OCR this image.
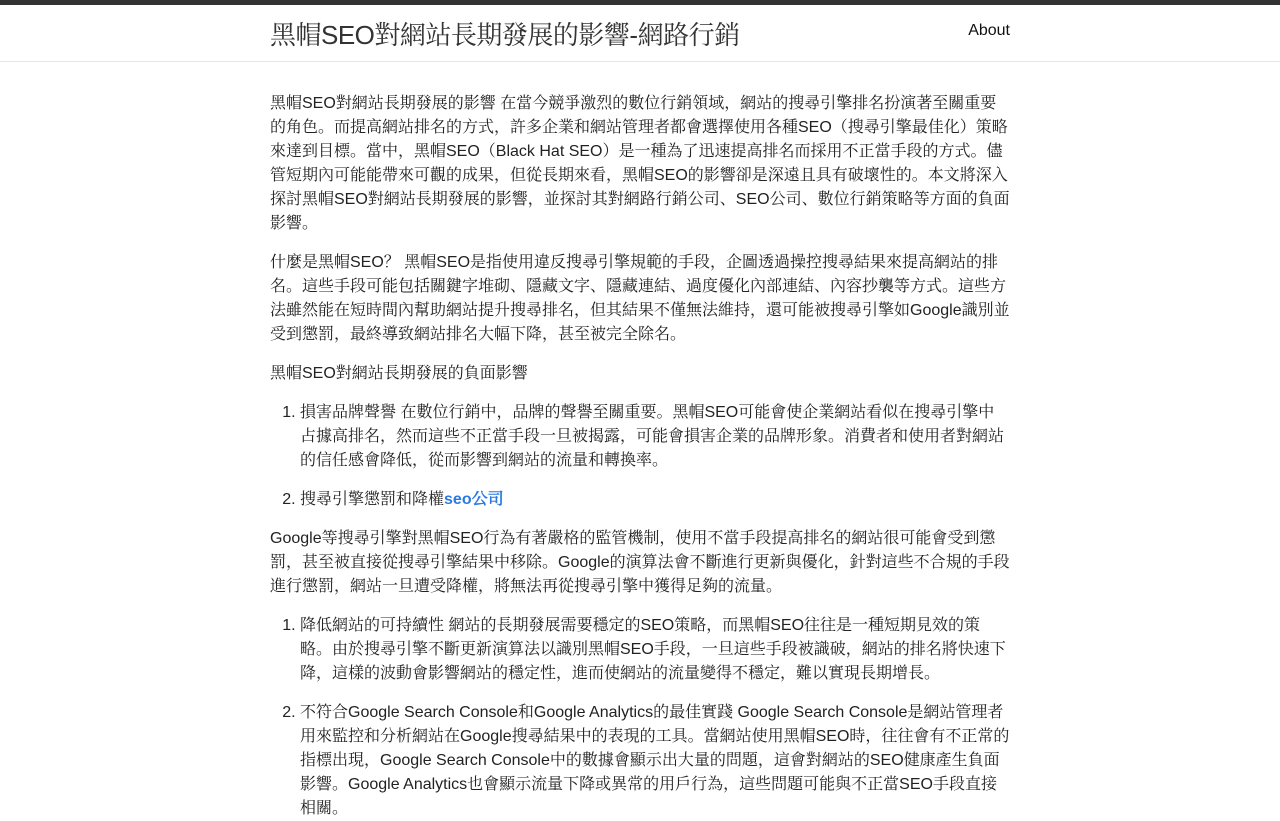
黑帽SEO對網站長期發展的影響-網路行銷	About

黑帽SEO對網站長期發展的影響 在當今競爭激烈的數位行銷領域，網站的搜尋引擎排名扮演著至關重要的角色。而提高網站排名的方式，許多企業和網站管理者都會選擇使用各種SEO（搜尋引擎最佳化）策略來達到目標。當中，黑帽SEO（Black Hat SEO）是一種為了迅速提高排名而採用不正當手段的方式。儘管短期內可能能帶來可觀的成果，但從長期來看，黑帽SEO的影響卻是深遠且具有破壞性的。本文將深入探討黑帽SEO對網站長期發展的影響，並探討其對網路行銷公司、SEO公司、數位行銷策略等方面的負面影響。

什麼是黑帽SEO？ 黑帽SEO是指使用違反搜尋引擎規範的手段，企圖透過操控搜尋結果來提高網站的排名。這些手段可能包括關鍵字堆砌、隱藏文字、隱藏連結、過度優化內部連結、內容抄襲等方式。這些方法雖然能在短時間內幫助網站提升搜尋排名，但其結果不僅無法維持，還可能被搜尋引擎如Google識別並受到懲罰，最終導致網站排名大幅下降，甚至被完全除名。

黑帽SEO對網站長期發展的負面影響

1. 損害品牌聲譽 在數位行銷中，品牌的聲譽至關重要。黑帽SEO可能會使企業網站看似在搜尋引擎中占據高排名，然而這些不正當手段一旦被揭露，可能會損害企業的品牌形象。消費者和使用者對網站的信任感會降低，從而影響到網站的流量和轉換率。

2. 搜尋引擎懲罰和降權seo公司

Google等搜尋引擎對黑帽SEO行為有著嚴格的監管機制，使用不當手段提高排名的網站很可能會受到懲罰，甚至被直接從搜尋引擎結果中移除。Google的演算法會不斷進行更新與優化，針對這些不合規的手段進行懲罰，網站一旦遭受降權，將無法再從搜尋引擎中獲得足夠的流量。

1. 降低網站的可持續性 網站的長期發展需要穩定的SEO策略，而黑帽SEO往往是一種短期見效的策略。由於搜尋引擎不斷更新演算法以識別黑帽SEO手段，一旦這些手段被識破，網站的排名將快速下降，這樣的波動會影響網站的穩定性，進而使網站的流量變得不穩定，難以實現長期增長。

2. 不符合Google Search Console和Google Analytics的最佳實踐 Google Search Console是網站管理者用來監控和分析網站在Google搜尋結果中的表現的工具。當網站使用黑帽SEO時，往往會有不正常的指標出現，Google Search Console中的數據會顯示出大量的問題，這會對網站的SEO健康產生負面影響。Google Analytics也會顯示流量下降或異常的用戶行為，這些問題可能與不正當SEO手段直接相關。
